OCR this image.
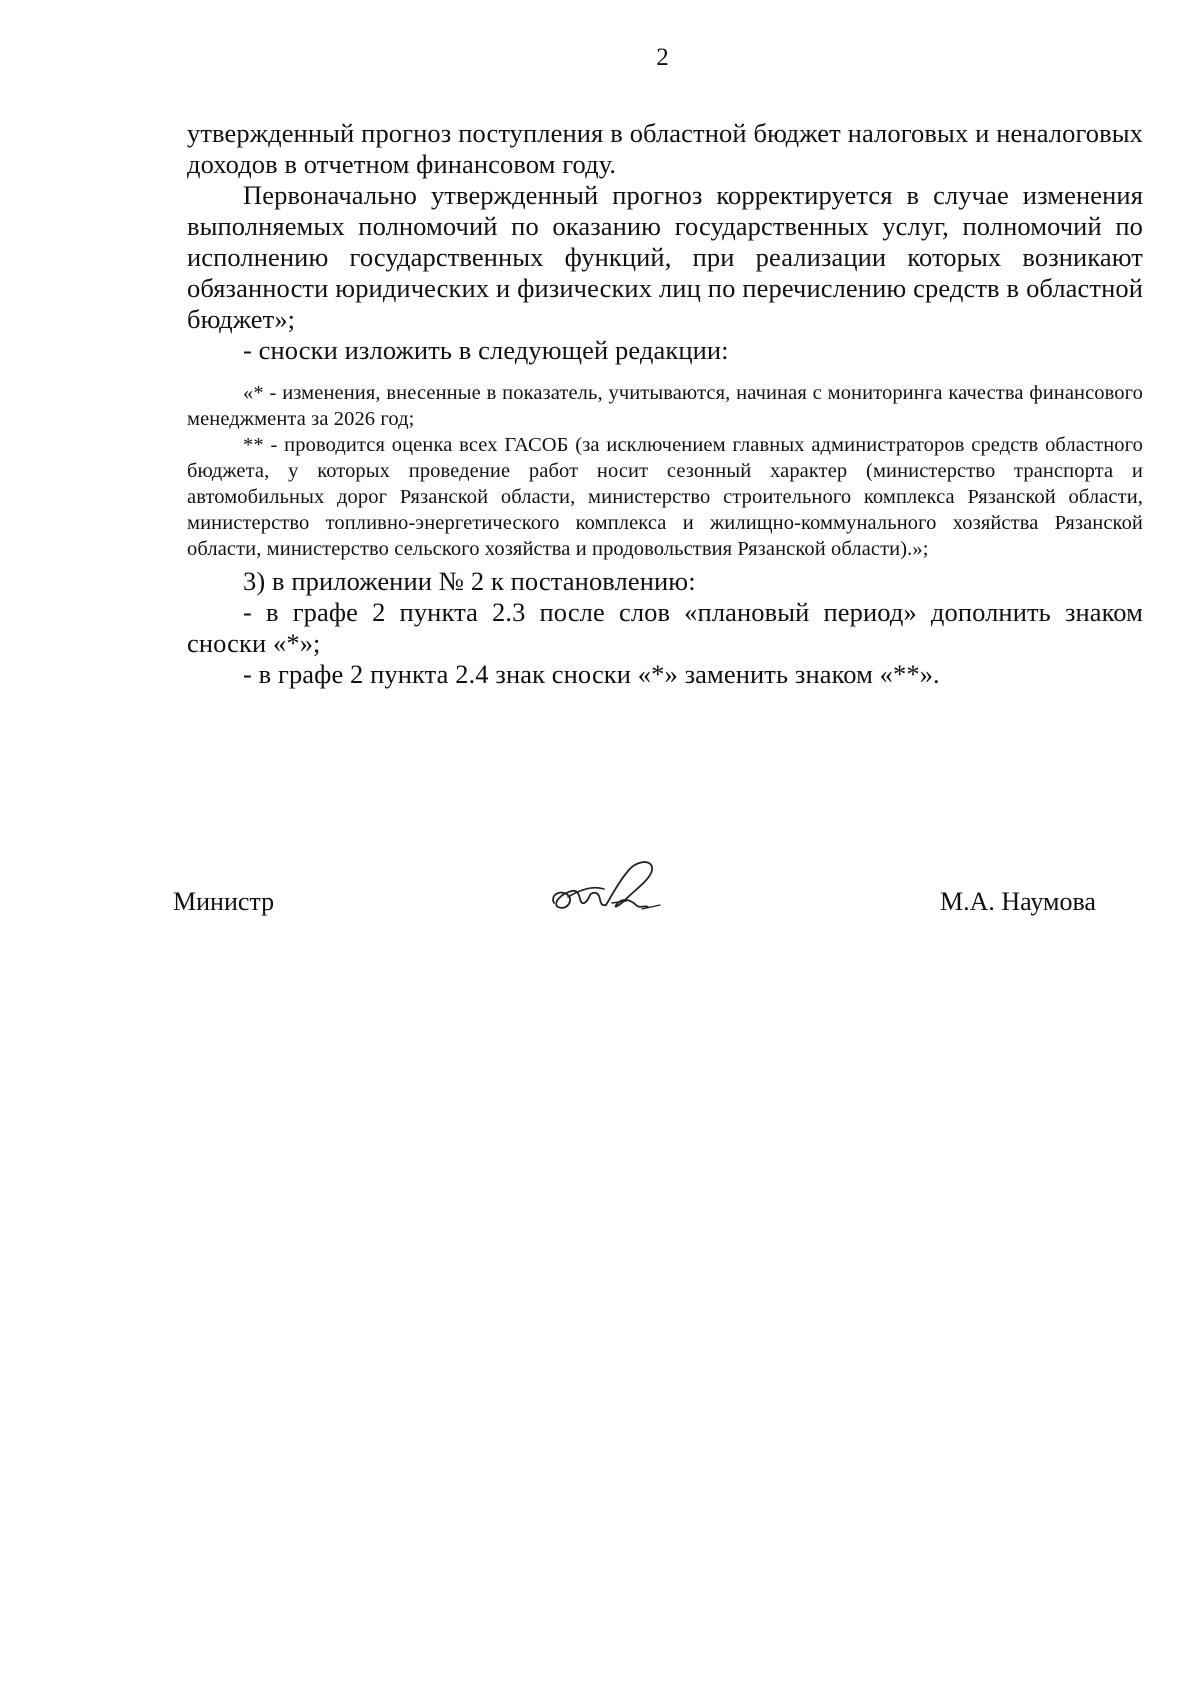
2

утвержденный прогноз поступления в областной бюджет налоговых и неналоговых доходов в отчетном финансовом году.

Первоначально утвержденный прогноз корректируется в случае изменения выполняемых полномочий по оказанию государственных услуг, полномочий по исполнению государственных функций, при реализации которых возникают обязанности юридических и физических лиц по перечислению средств в областной бюджет»;

- сноски изложить в следующей редакции:

«* - изменения, внесенные в показатель, учитываются, начиная с мониторинга качества финансового менеджмента за 2026 год;

** - проводится оценка всех ГАСОБ (за исключением главных администраторов средств областного бюджета, у которых проведение работ носит сезонный характер (министерство транспорта и автомобильных дорог Рязанской области, министерство строительного комплекса Рязанской области, министерство топливно-энергетического комплекса и жилищно-коммунального хозяйства Рязанской области, министерство сельского хозяйства и продовольствия Рязанской области).»;

3) в приложении № 2 к постановлению:

- в графе 2 пункта 2.3 после слов «плановый период» дополнить знаком сноски «*»;

- в графе 2 пункта 2.4 знак сноски «*» заменить знаком «**».

Министр	М.А. Наумова
